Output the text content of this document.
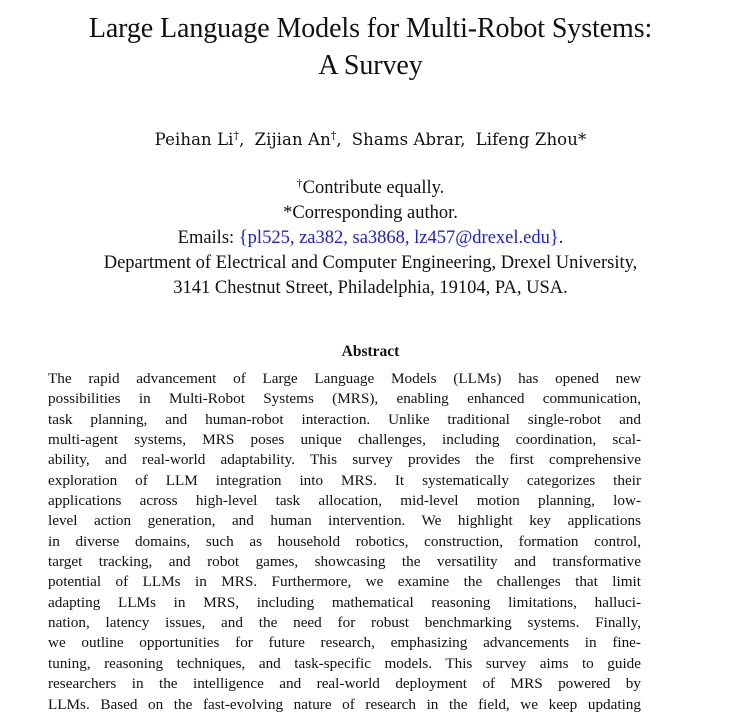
Large Language Models for Multi-Robot Systems:
A Survey
Peihan Li†, Zijian An†, Shams Abrar, Lifeng Zhou*
†Contribute equally.
*Corresponding author.
Emails: {pl525, za382, sa3868, lz457@drexel.edu}.
Department of Electrical and Computer Engineering, Drexel University,
3141 Chestnut Street, Philadelphia, 19104, PA, USA.
Abstract
The rapid advancement of Large Language Models (LLMs) has opened new
possibilities in Multi-Robot Systems (MRS), enabling enhanced communication,
task planning, and human-robot interaction. Unlike traditional single-robot and
multi-agent systems, MRS poses unique challenges, including coordination, scal-
ability, and real-world adaptability. This survey provides the first comprehensive
exploration of LLM integration into MRS. It systematically categorizes their
applications across high-level task allocation, mid-level motion planning, low-
level action generation, and human intervention. We highlight key applications
in diverse domains, such as household robotics, construction, formation control,
target tracking, and robot games, showcasing the versatility and transformative
potential of LLMs in MRS. Furthermore, we examine the challenges that limit
adapting LLMs in MRS, including mathematical reasoning limitations, halluci-
nation, latency issues, and the need for robust benchmarking systems. Finally,
we outline opportunities for future research, emphasizing advancements in fine-
tuning, reasoning techniques, and task-specific models. This survey aims to guide
researchers in the intelligence and real-world deployment of MRS powered by
LLMs. Based on the fast-evolving nature of research in the field, we keep updating
